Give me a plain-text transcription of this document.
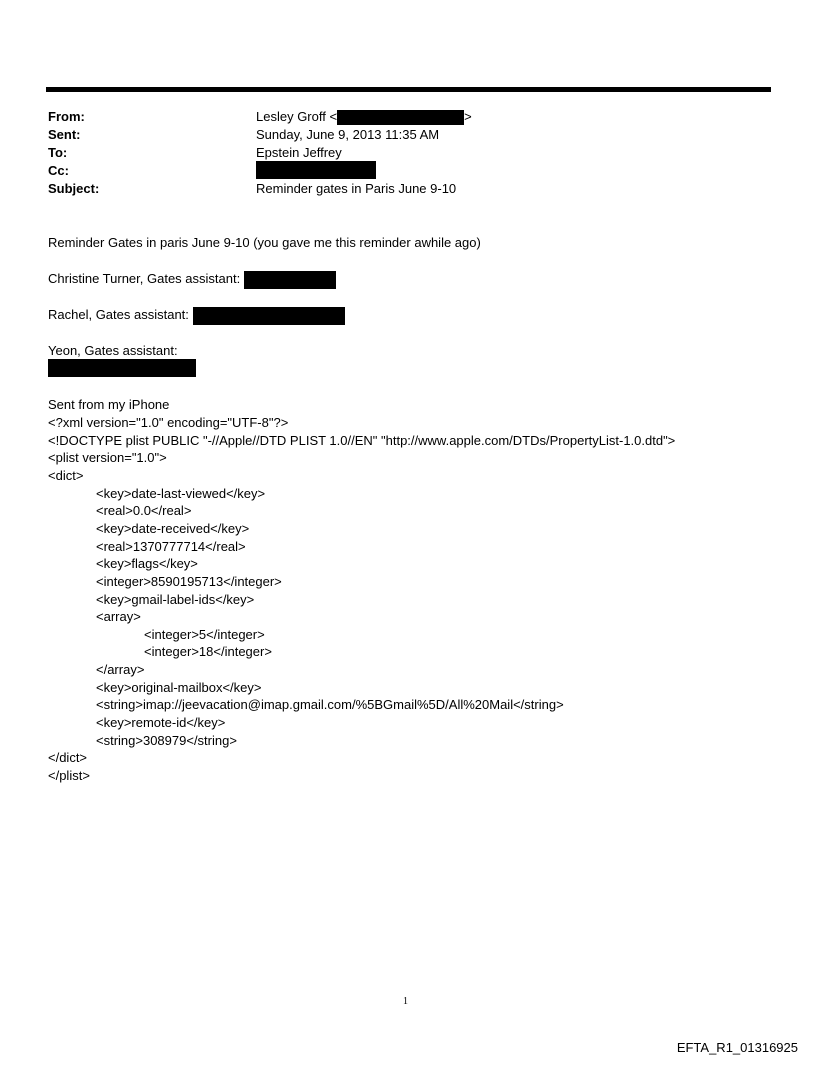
From:
Sent:
To:
Cc:
Subject:
Lesley Groff <	>
Sunday, June 9, 2013 11:35 AM
Epstein Jeffrey
Reminder gates in Paris June 9-10
Reminder Gates in paris June 9-10 (you gave me this reminder awhile ago)
Christine Turner, Gates assistant:
Rachel, Gates assistant:
Yeon, Gates assistant:
Sent from my iPhone
<?xml version="1.0" encoding="UTF-8"?>
<!DOCTYPE plist PUBLIC "-//Apple//DTD PLIST 1.0//EN" "http://www.apple.com/DTDs/PropertyList-1.0.dtd">
<plist version="1.0">
<dict>
<key>date-last-viewed</key>
<real>0.0</real>
<key>date-received</key>
<real>1370777714</real>
<key>flags</key>
<integer>8590195713</integer>
<key>gmail-label-ids</key>
<array>
<integer>5</integer>
<integer>18</integer>
</array>
<key>original-mailbox</key>
<string>imap://jeevacation@imap.gmail.com/%5BGmail%5D/All%20Mail</string>
<key>remote-id</key>
<string>308979</string>
</dict>
</plist>
1
EFTA_R1_01316925
